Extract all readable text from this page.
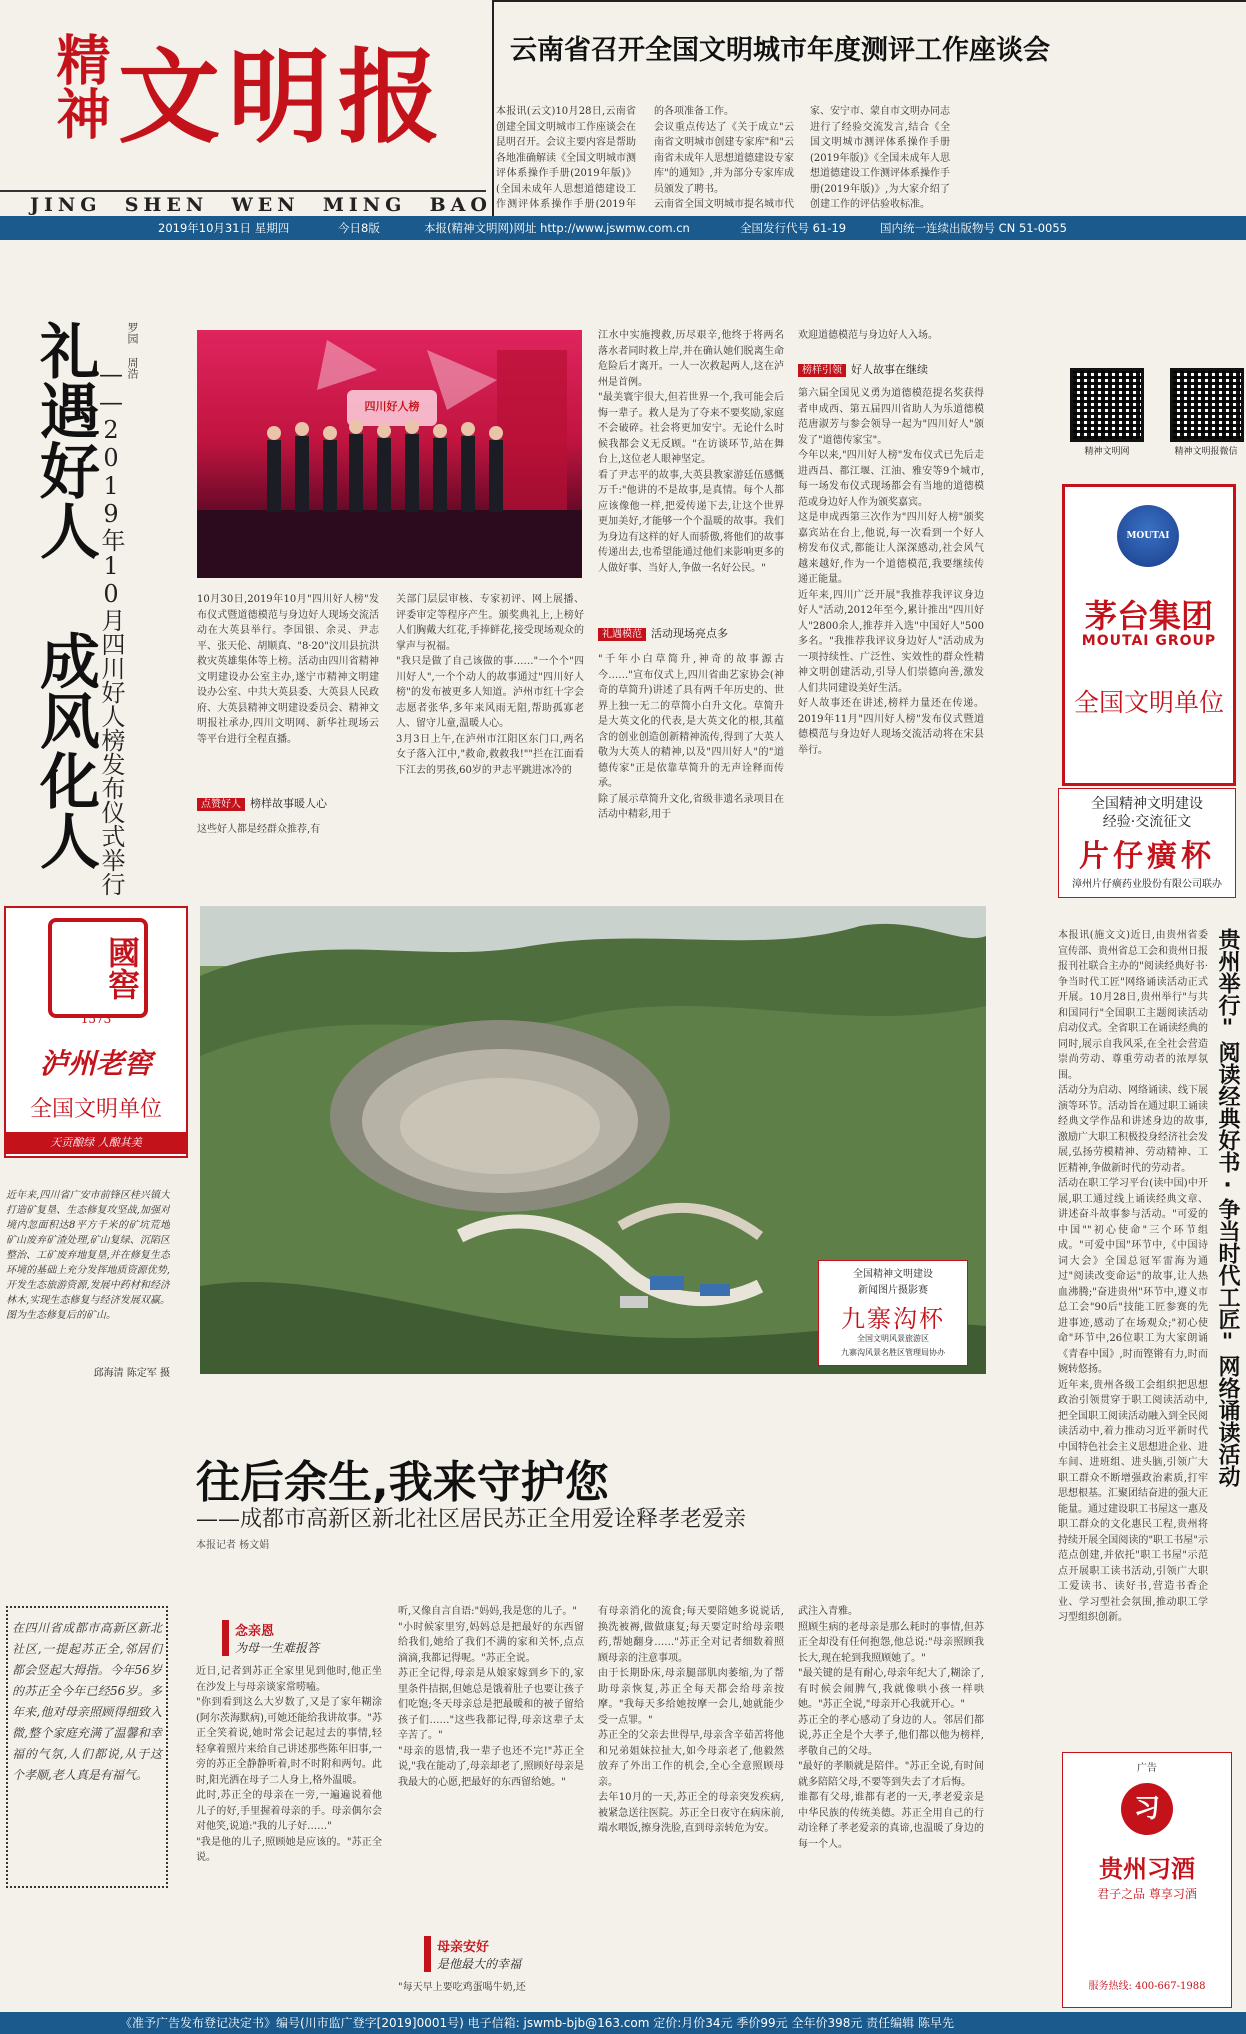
精神 文明报
JING  SHEN  WEN  MING  BAO
云南省召开全国文明城市年度测评工作座谈会
本报讯(云文)10月28日,云南省创建全国文明城市工作座谈会在昆明召开。会议主要内容是帮助各地准确解读《全国文明城市测评体系操作手册(2019年版)》(全国未成年人思想道德建设工作测评体系操作手册(2019年
的各项准备工作。
会议重点传达了《关于成立"云南省文明城市创建专家库"和"云南省未成年人思想道德建设专家库"的通知》,并为部分专家库成员颁发了聘书。
云南省全国文明城市提名城市代
家、安宁市、蒙自市文明办同志进行了经验交流发言,结合《全国文明城市测评体系操作手册(2019年版)》《全国未成年人思想道德建设工作测评体系操作手册(2019年版)》,为大家介绍了创建工作的评估验收标准。

2019年10月31日 星期四	今日8版	本报(精神文明网)网址 http://www.jswmw.com.cn	全国发行代号 61-19	国内统一连续出版物号 CN 51-0055
礼遇好人 成风化人
——2019年10月四川好人榜发布仪式举行
罗园 周浩
四川好人榜
10月30日,2019年10月"四川好人榜"发布仪式暨道德模范与身边好人现场交流活动在大英县举行。李国银、余灵、尹志平、张天伦、胡顺真、"8·20"汶川县抗洪救灾英雄集体等上榜。活动由四川省精神文明建设办公室主办,遂宁市精神文明建设办公室、中共大英县委、大英县人民政府、大英县精神文明建设委员会、精神文明报社承办,四川文明网、新华社现场云等平台进行全程直播。
点赞好人 榜样故事暖人心
这些好人都是经群众推荐,有
关部门层层审核、专家初评、网上展播、评委审定等程序产生。颁奖典礼上,上榜好人们胸戴大红花,手捧鲜花,接受现场观众的掌声与祝福。
"我只是做了自己该做的事……"一个个"四川好人",一个个动人的故事通过"四川好人榜"的发布被更多人知道。泸州市红十字会志愿者张华,多年来风雨无阻,帮助孤寡老人、留守儿童,温暖人心。
3月3日上午,在泸州市江阳区东门口,两名女子落入江中,"救命,救救我!""拦在江面看下江去的男孩,60岁的尹志平跳进冰冷的
江水中实施搜救,历尽艰辛,他终于将两名落水者同时救上岸,并在确认她们脱离生命危险后才离开。一人一次救起两人,这在泸州是首例。
"最美寰宇很大,但若世界一个,我可能会后悔一辈子。救人是为了夺来不要奖励,家庭不会破碎。社会将更加安宁。无论什么时候我都会义无反顾。"在访谈环节,站在舞台上,这位老人眼神坚定。
看了尹志平的故事,大英县教家游廷伍感慨万千:"他讲的不是故事,是真情。每个人都应该像他一样,把爱传递下去,让这个世界更加美好,才能够一个个温暖的故事。我们为身边有这样的好人而骄傲,将他们的故事传递出去,也希望能通过他们来影响更多的人做好事、当好人,争做一名好公民。"
礼遇模范 活动现场亮点多
"千年小白草简升,神奇的故事源古今……"宣布仪式上,四川省曲艺家协会(神奇的草简升)讲述了具有两千年历史的、世界上独一无二的草简小白升文化。草简升是大英文化的代表,是大英文化的根,其蕴含的创业创造创新精神流传,得到了大英人敬为大英人的精神,以及"四川好人"的"道德传家"正是依靠草简升的无声诠释而传承。
除了展示草简升文化,省级非遗名录项目在活动中精彩,用于
欢迎道德模范与身边好人入场。
榜样引领 好人故事在继续
第六届全国见义勇为道德模范提名奖获得者申成西、第五届四川省助人为乐道德模范唐淑芳与参会领导一起为"四川好人"颁发了"道德传家宝"。
今年以来,"四川好人榜"发布仪式已先后走进西昌、都江堰、江油、雅安等9个城市,每一场发布仪式现场都会有当地的道德模范或身边好人作为颁奖嘉宾。
这是申成西第三次作为"四川好人榜"颁奖嘉宾站在台上,他说,每一次看到一个好人榜发布仪式,都能让人深深感动,社会风气越来越好,作为一个道德模范,我要继续传递正能量。
近年来,四川广泛开展"我推荐我评议身边好人"活动,2012年至今,累计推出"四川好人"2800余人,推荐并入选"中国好人"500多名。"我推荐我评议身边好人"活动成为一项持续性、广泛性、实效性的群众性精神文明创建活动,引导人们崇德向善,激发人们共同建设美好生活。
好人故事还在讲述,榜样力量还在传递。2019年11月"四川好人榜"发布仪式暨道德模范与身边好人现场交流活动将在宋县举行。
精神文明网	精神文明报微信
MOUTAI
茅台集团
MOUTAI GROUP
全国文明单位
全国精神文明建设
经验·交流征文
片仔癀杯
漳州片仔癀药业股份有限公司联办
國窖
1573
泸州老窖
全国文明单位
天贡酿绿 人酿其美
近年来,四川省广安市前锋区桂兴镇大打造矿复垦、生态修复攻坚战,加强对境内忽面积达8平方千米的矿坑荒地矿山废弃矿渣处理,矿山复绿、沉陷区整治、工矿废弃地复垦,并在修复生态环境的基础上充分发挥地质资源优势,开发生态旅游资源,发展中药材和经济林木,实现生态修复与经济发展双赢。图为生态修复后的矿山。
邱海清 陈定军 摄
全国精神文明建设
新闻图片摄影赛
九寨沟杯
全国文明风景旅游区
九寨沟风景名胜区管理局协办
本报讯(施文文)近日,由贵州省委宣传部、贵州省总工会和贵州日报报刊社联合主办的"阅读经典好书·争当时代工匠"网络诵读活动正式开展。10月28日,贵州举行"与共和国同行"全国职工主题阅读活动启动仪式。全省职工在诵读经典的同时,展示自我风采,在全社会营造崇尚劳动、尊重劳动者的浓厚氛围。
活动分为启动、网络诵读、线下展演等环节。活动旨在通过职工诵读经典文学作品和讲述身边的故事,激励广大职工积极投身经济社会发展,弘扬劳模精神、劳动精神、工匠精神,争做新时代的劳动者。
活动在职工学习平台(读中国)中开展,职工通过线上诵读经典文章、讲述奋斗故事参与活动。"可爱的中国""初心使命"三个环节组成。"可爱中国"环节中,《中国诗词大会》全国总冠军雷海为通过"阅读改变命运"的故事,让人热血沸腾;"奋进贵州"环节中,遵义市总工会"90后"技能工匠参赛的先进事迹,感动了在场观众;"初心使命"环节中,26位职工为大家朗诵《青春中国》,时而铿锵有力,时而婉转悠扬。
近年来,贵州各级工会组织把思想政治引领贯穿于职工阅读活动中,把全国职工阅读活动融入到全民阅读活动中,着力推动习近平新时代中国特色社会主义思想进企业、进车间、进班组、进头脑,引领广大职工群众不断增强政治素质,打牢思想根基。汇聚团结奋进的强大正能量。通过建设职工书屋这一惠及职工群众的文化惠民工程,贵州将持续开展全国阅读的"职工书屋"示范点创建,并依托"职工书屋"示范点开展职工读书活动,引领广大职工爱读书、读好书,营造书香企业、学习型社会氛围,推动职工学习型组织创新。
贵州举行"阅读经典好书·争当时代工匠"网络诵读活动
广告
习
贵州习酒
君子之品 尊享习酒
服务热线: 400-667-1988
往后余生,我来守护您
——成都市高新区新北社区居民苏正全用爱诠释孝老爱亲
本报记者 杨文娟
在四川省成都市高新区新北社区,一提起苏正全,邻居们都会竖起大拇指。今年56岁的苏正全今年已经56岁。多年来,他对母亲照顾得细致入微,整个家庭充满了温馨和幸福的气氛,人们都说,从于这个孝顺,老人真是有福气。
念亲恩
为母一生难报答
近日,记者到苏正全家里见到他时,他正坐在沙发上与母亲谈家常唠嗑。
"你到看到这么大岁数了,又是了家年糊涂(阿尔茨海默病),可她还能给我讲故事。"苏正全笑着说,她时常会记起过去的事情,轻轻拿着照片来给自己讲述那些陈年旧事,一旁的苏正全静静听着,时不时附和两句。此时,阳光洒在母子二人身上,格外温暖。
此时,苏正全的母亲在一旁,一遍遍说着他儿子的好,手里握着母亲的手。母亲偶尔会对他笑,说道:"我的儿子好……"
"我是他的儿子,照顾她是应该的。"苏正全说。
听,又像自言自语:"妈妈,我是您的儿子。"
"小时候家里穷,妈妈总是把最好的东西留给我们,她给了我们不满的家和关怀,点点滴滴,我都记得呢。"苏正全说。
苏正全记得,母亲是从娘家嫁到乡下的,家里条件拮据,但她总是饿着肚子也要让孩子们吃饱;冬天母亲总是把最暖和的被子留给孩子们……"这些我都记得,母亲这辈子太辛苦了。"
"母亲的恩情,我一辈子也还不完!"苏正全说,"我在能动了,母亲却老了,照顾好母亲是我最大的心愿,把最好的东西留给她。"
母亲安好
是他最大的幸福
"每天早上要吃鸡蛋喝牛奶,还
有母亲消化的流食;每天要陪她多说说话,换洗被褥,做做康复;每天要定时给母亲喂药,帮她翻身……"苏正全对记者细数着照顾母亲的注意事项。
由于长期卧床,母亲腿部肌肉萎缩,为了帮助母亲恢复,苏正全每天都会给母亲按摩。"我每天多给她按摩一会儿,她就能少受一点罪。"
苏正全的父亲去世得早,母亲含辛茹苦将他和兄弟姐妹拉扯大,如今母亲老了,他毅然放弃了外出工作的机会,全心全意照顾母亲。
去年10月的一天,苏正全的母亲突发疾病,被紧急送往医院。苏正全日夜守在病床前,端水喂饭,擦身洗脸,直到母亲转危为安。
武注入青雅。
照顾生病的老母亲是那么耗时的事情,但苏正全却没有任何抱怨,他总说:"母亲照顾我长大,现在轮到我照顾她了。"
"最关键的是有耐心,母亲年纪大了,糊涂了,有时候会闹脾气,我就像哄小孩一样哄她。"苏正全说,"母亲开心我就开心。"
苏正全的孝心感动了身边的人。邻居们都说,苏正全是个大孝子,他们都以他为榜样,孝敬自己的父母。
"最好的孝顺就是陪伴。"苏正全说,有时间就多陪陪父母,不要等到失去了才后悔。
谁都有父母,谁都有老的一天,孝老爱亲是中华民族的传统美德。苏正全用自己的行动诠释了孝老爱亲的真谛,也温暖了身边的每一个人。
《准予广告发布登记决定书》编号(川市监广登字[2019]0001号) 电子信箱: jswmb-bjb@163.com 定价:月价34元 季价99元 全年价398元 责任编辑 陈早先
